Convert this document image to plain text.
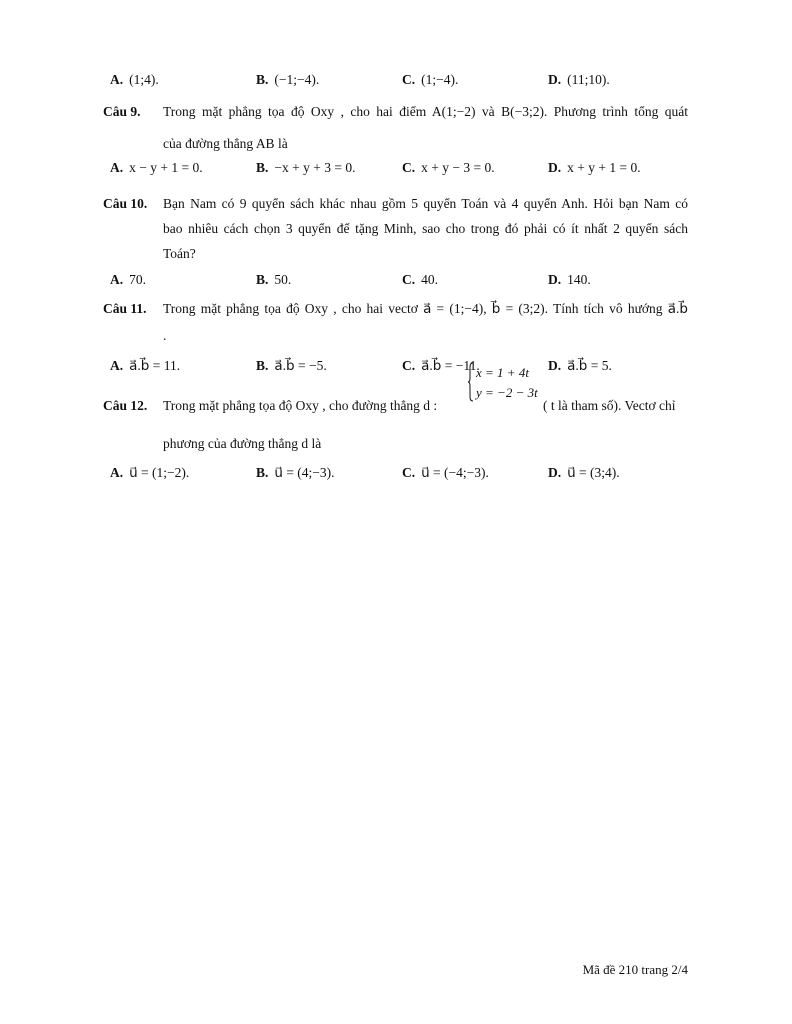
A. (1;4).	B. (−1;−4).	C. (1;−4).	D. (11;10).
Câu 9. Trong mặt phẳng tọa độ Oxy , cho hai điểm A(1;−2) và B(−3;2). Phương trình tổng quát
của đường thẳng AB là
A. x − y + 1 = 0.	B. −x + y + 3 = 0.	C. x + y − 3 = 0.	D. x + y + 1 = 0.
Câu 10. Bạn Nam có 9 quyển sách khác nhau gồm 5 quyển Toán và 4 quyển Anh. Hỏi bạn Nam có
bao nhiêu cách chọn 3 quyển để tặng Minh, sao cho trong đó phải có ít nhất 2 quyển sách
Toán?
A. 70.	B. 50.	C. 40.	D. 140.
Câu 11. Trong mặt phẳng tọa độ Oxy , cho hai vectơ a⃗ = (1;−4), b⃗ = (3;2). Tính tích vô hướng a⃗.b⃗
.
A. a⃗.b⃗ = 11.	B. a⃗.b⃗ = −5.	C. a⃗.b⃗ = −11.	D. a⃗.b⃗ = 5.
Câu 12. Trong mặt phẳng tọa độ Oxy , cho đường thẳng d :
x = 1 + 4t
y = −2 − 3t
( t là tham số). Vectơ chỉ
phương của đường thẳng d là
A. u⃗ = (1;−2).	B. u⃗ = (4;−3).	C. u⃗ = (−4;−3).	D. u⃗ = (3;4).
Mã đề 210 trang 2/4
